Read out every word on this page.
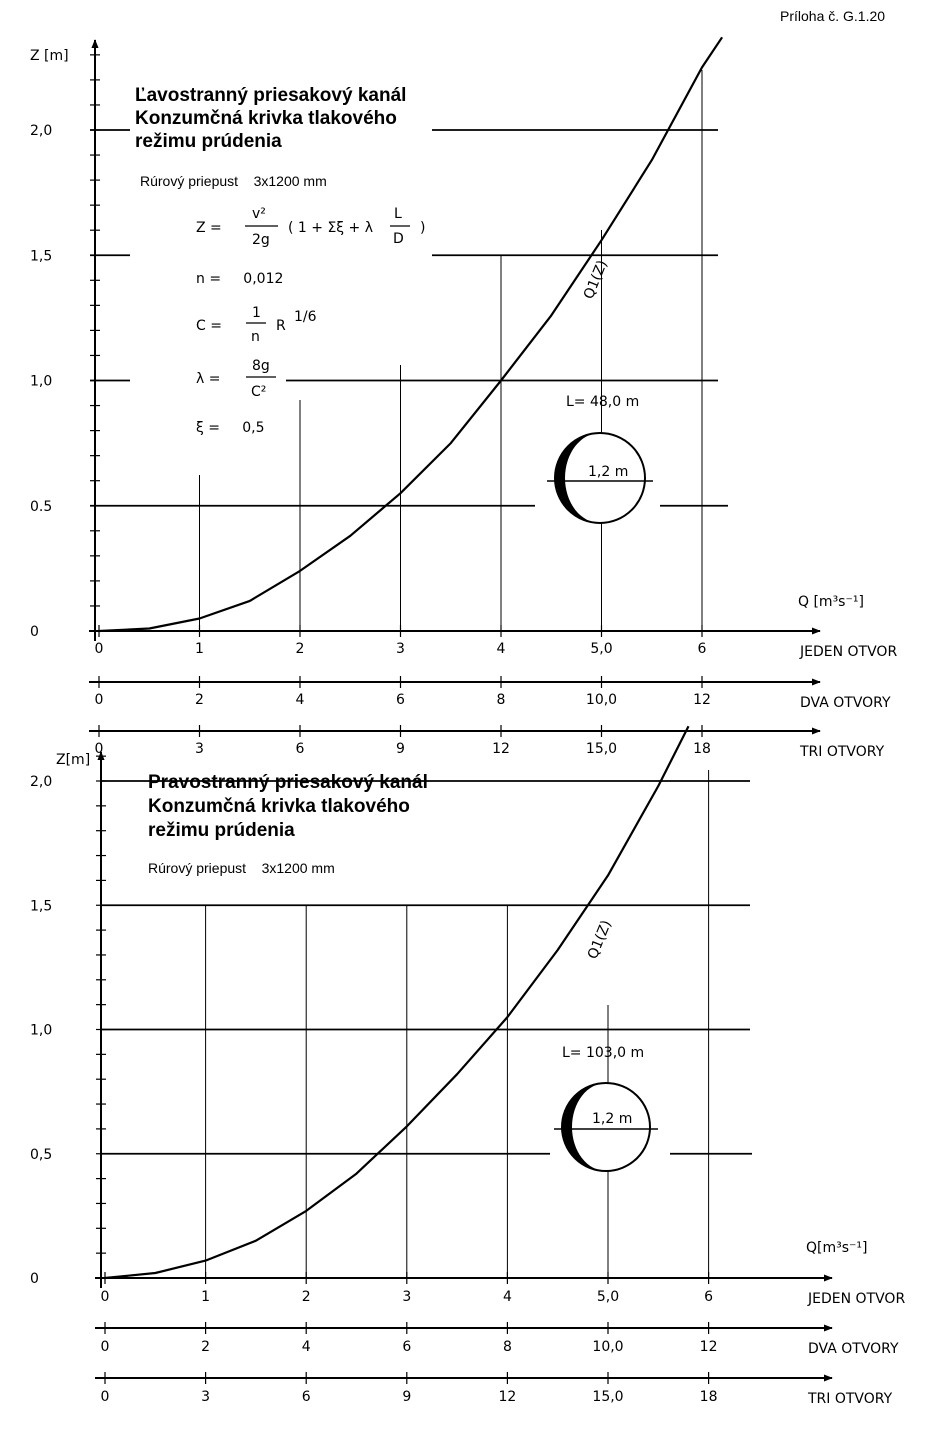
Príloha č. G.1.20
0
0.5
1,0
1,5
2,0
0	1	2	3	4	5,0	6	JEDEN OTVOR
0	2	4	6	8	10,0	12	DVA OTVORY
0	3	6	9	12	15,0	18	TRI OTVORY
Ľavostranný priesakový kanál
Konzumčná krivka tlakového
režimu prúdenia
Rúrový priepust    3x1200 mm
Z =
v²
2g
( 1 + Σξ + λ
L
D
)
n =     0,012
C =
1
n
R
1/6
λ =
8g
C²
ξ =     0,5
1,2 m
L= 48,0 m
Q1(Z)
Z [m]
Q [m³s⁻¹]
0
0,5
1,0
1,5
2,0
0	1	2	3	4	5,0	6	JEDEN OTVOR
0	2	4	6	8	10,0	12	DVA OTVORY
0	3	6	9	12	15,0	18	TRI OTVORY
Pravostranný priesakový kanál
Konzumčná krivka tlakového
režimu prúdenia
Rúrový priepust    3x1200 mm
1,2 m
L= 103,0 m
Q1(Z)
Z[m]
Q[m³s⁻¹]
